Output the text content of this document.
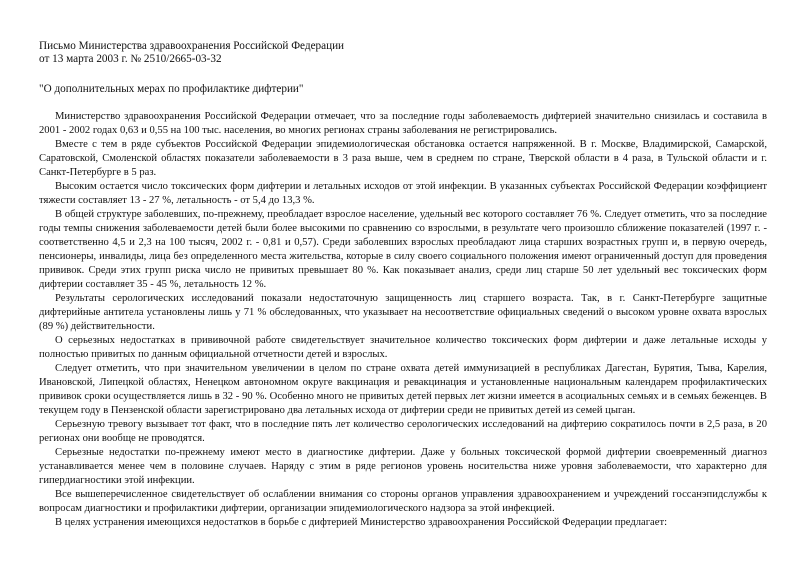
Письмо Министерства здравоохранения Российской Федерации

от 13 марта 2003 г. № 2510/2665-03-32

"О дополнительных мерах по профилактике дифтерии"

Министерство здравоохранения Российской Федерации отмечает, что за последние годы заболеваемость дифтерией значительно снизилась и составила в 2001 - 2002 годах 0,63 и 0,55 на 100 тыс. населения, во многих регионах страны заболевания не регистрировались.

Вместе с тем в ряде субъектов Российской Федерации эпидемиологическая обстановка остается напряженной. В г. Москве, Владимирской, Самарской, Саратовской, Смоленской областях показатели заболеваемости в 3 раза выше, чем в среднем по стране, Тверской области в 4 раза, в Тульской области и г. Санкт-Петербурге в 5 раз.

Высоким остается число токсических форм дифтерии и летальных исходов от этой инфекции. В указанных субъектах Российской Федерации коэффициент тяжести составляет 13 - 27 %, летальность - от 5,4 до 13,3 %.

В общей структуре заболевших, по-прежнему, преобладает взрослое население, удельный вес которого составляет 76 %. Следует отметить, что за последние годы темпы снижения заболеваемости детей были более высокими по сравнению со взрослыми, в результате чего произошло сближение показателей (1997 г. - соответственно 4,5 и 2,3 на 100 тысяч, 2002 г. - 0,81 и 0,57). Среди заболевших взрослых преобладают лица старших возрастных групп и, в первую очередь, пенсионеры, инвалиды, лица без определенного места жительства, которые в силу своего социального положения имеют ограниченный доступ для проведения прививок. Среди этих групп риска число не привитых превышает 80 %. Как показывает анализ, среди лиц старше 50 лет удельный вес токсических форм дифтерии составляет 35 - 45 %, летальность 12 %.

Результаты серологических исследований показали недостаточную защищенность лиц старшего возраста. Так, в г. Санкт-Петербурге защитные дифтерийные антитела установлены лишь у 71 % обследованных, что указывает на несоответствие официальных сведений о высоком уровне охвата взрослых (89 %) действительности.

О серьезных недостатках в прививочной работе свидетельствует значительное количество токсических форм дифтерии и даже летальные исходы у полностью привитых по данным официальной отчетности детей и взрослых.

Следует отметить, что при значительном увеличении в целом по стране охвата детей иммунизацией в республиках Дагестан, Бурятия, Тыва, Карелия, Ивановской, Липецкой областях, Ненецком автономном округе вакцинация и ревакцинация и установленные национальным календарем профилактических прививок сроки осуществляется лишь в 32 - 90 %. Особенно много не привитых детей первых лет жизни имеется в асоциальных семьях и в семьях беженцев. В текущем году в Пензенской области зарегистрировано два летальных исхода от дифтерии среди не привитых детей из семей цыган.

Серьезную тревогу вызывает тот факт, что в последние пять лет количество серологических исследований на дифтерию сократилось почти в 2,5 раза, в 20 регионах они вообще не проводятся.

Серьезные недостатки по-прежнему имеют место в диагностике дифтерии. Даже у больных токсической формой дифтерии своевременный диагноз устанавливается менее чем в половине случаев. Наряду с этим в ряде регионов уровень носительства ниже уровня заболеваемости, что характерно для гипердиагностики этой инфекции.

Все вышеперечисленное свидетельствует об ослаблении внимания со стороны органов управления здравоохранением и учреждений госсанэпидслужбы к вопросам диагностики и профилактики дифтерии, организации эпидемиологического надзора за этой инфекцией.

В целях устранения имеющихся недостатков в борьбе с дифтерией Министерство здравоохранения Российской Федерации предлагает:
